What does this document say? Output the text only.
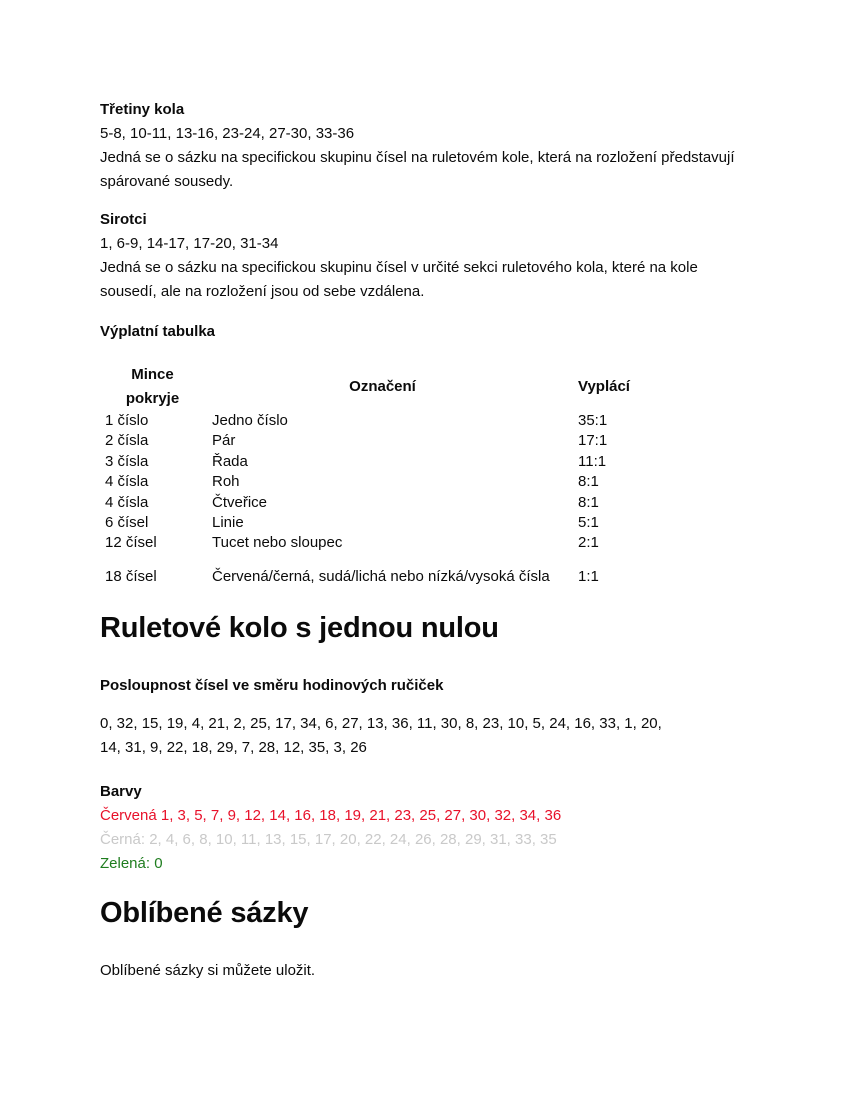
Třetiny kola

5-8, 10-11, 13-16, 23-24, 27-30, 33-36

Jedná se o sázku na specifickou skupinu čísel na ruletovém kole, která na rozložení představují spárované sousedy.

Sirotci

1, 6-9, 14-17, 17-20, 31-34

Jedná se o sázku na specifickou skupinu čísel v určité sekci ruletového kola, které na kole sousedí, ale na rozložení jsou od sebe vzdálena.

Výplatní tabulka
Mince pokryje	Označení	Vyplácí
1 číslo	Jedno číslo	35:1
2 čísla	Pár	17:1
3 čísla	Řada	11:1
4 čísla	Roh	8:1
4 čísla	Čtveřice	8:1
6 čísel	Linie	5:1
12 čísel	Tucet nebo sloupec	2:1
18 čísel	Červená/černá, sudá/lichá nebo nízká/vysoká čísla	1:1
Ruletové kolo s jednou nulou
Posloupnost čísel ve směru hodinových ručiček

0, 32, 15, 19, 4, 21, 2, 25, 17, 34, 6, 27, 13, 36, 11, 30, 8, 23, 10, 5, 24, 16, 33, 1, 20,
14, 31, 9, 22, 18, 29, 7, 28, 12, 35, 3, 26

Barvy

Červená 1, 3, 5, 7, 9, 12, 14, 16, 18, 19, 21, 23, 25, 27, 30, 32, 34, 36

Černá: 2, 4, 6, 8, 10, 11, 13, 15, 17, 20, 22, 24, 26, 28, 29, 31, 33, 35

Zelená: 0

Oblíbené sázky

Oblíbené sázky si můžete uložit.
